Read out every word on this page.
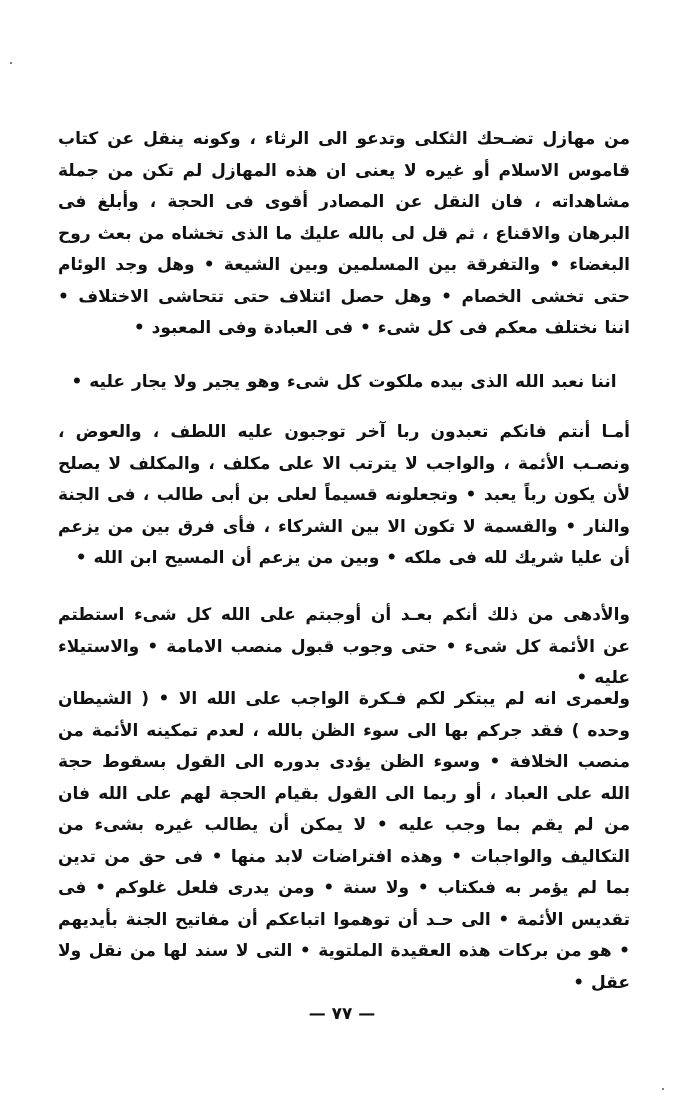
من مهازل تضـحك الثكلى وتدعو الى الرثاء ، وكونه ينقل عن كتاب قاموس الاسلام أو غيره لا يعنى ان هذه المهازل لم تكن من جملة مشاهداته ، فان النقل عن المصادر أقوى فى الحجة ، وأبلغ فى البرهان والاقناع ، ثم قل لى بالله عليك ما الذى تخشاه من بعث روح البغضاء • والتفرقة بين المسلمين وبين الشيعة • وهل وجد الوئام حتى تخشى الخصام • وهل حصل ائتلاف حتى تتحاشى الاختلاف • اننا نختلف معكم فى كل شىء • فى العبادة وفى المعبود •

اننا نعبد الله الذى بيده ملكوت كل شىء وهو يجير ولا يجار عليه •

أمـا أنتم فانكم تعبدون ربا آخر توجبون عليه اللطف ، والعوض ، ونصـب الأئمة ، والواجب لا يترتب الا على مكلف ، والمكلف لا يصلح لأن يكون رباً يعبد • وتجعلونه قسيماً لعلى بن أبى طالب ، فى الجنة والنار • والقسمة لا تكون الا بين الشركاء ، فأى فرق بين من يزعم أن عليا شريك لله فى ملكه • وبين من يزعم أن المسيح ابن الله •

والأدهى من ذلك أنكم بعـد أن أوجبتم على الله كل شىء استطتم عن الأئمة كل شىء • حتى وجوب قبول منصب الامامة • والاستيلاء عليه •

ولعمرى انه لم يبتكر لكم فـكرة الواجب على الله الا • ( الشيطان وحده ) فقد جركم بها الى سوء الظن بالله ، لعدم تمكينه الأئمة من منصب الخلافة • وسوء الظن يؤدى بدوره الى القول بسقوط حجة الله على العباد ، أو ربما الى القول بقيام الحجة لهم على الله فان من لم يقم بما وجب عليه • لا يمكن أن يطالب غيره بشىء من التكاليف والواجبات • وهذه افتراضات لابد منها • فى حق من تدين بما لم يؤمر به فىكتاب • ولا سنة • ومن يدرى فلعل غلوكم • فى تقديس الأئمة • الى حـد أن توهموا اتباعكم أن مفاتيح الجنة بأيديهم • هو من بركات هذه العقيدة الملتوية • التى لا سند لها من نقل ولا عقل •

— ٧٧ —
